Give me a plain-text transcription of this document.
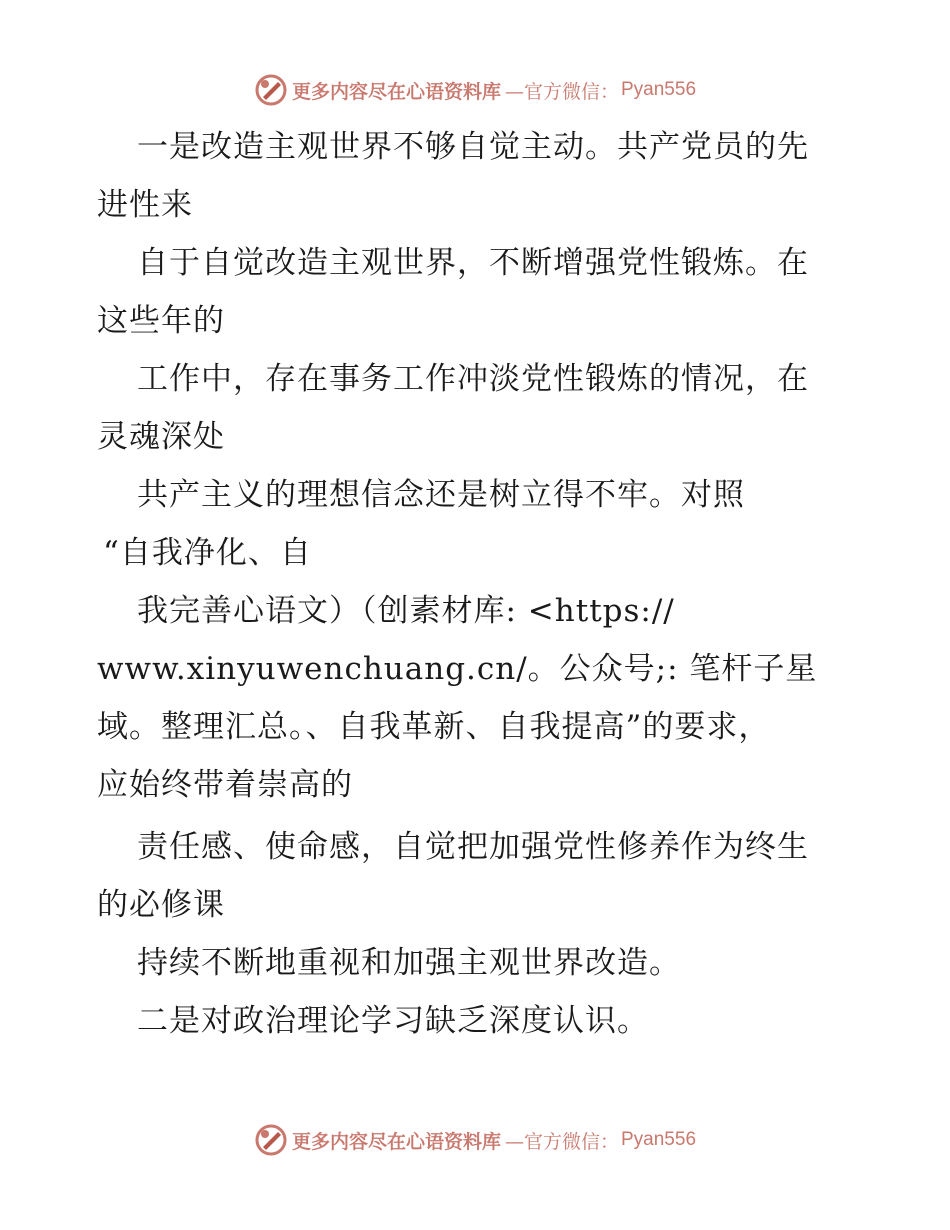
更多内容尽在心语资料库 —官方微信： Pyan556
一是改造主观世界不够自觉主动。共产党员的先
进性来
自于自觉改造主观世界，不断增强党性锻炼。在
这些年的
工作中，存在事务工作冲淡党性锻炼的情况，在
灵魂深处
共产主义的理想信念还是树立得不牢。对照
“自我净化、自
我完善心语文）（创素材库: <https://
www.xinyuwenchuang.cn/。公众号;: 笔杆子星
域。整理汇总。、自我革新、自我提高”的要求，
应始终带着崇高的
责任感、使命感，自觉把加强党性修养作为终生
的必修课
持续不断地重视和加强主观世界改造。
二是对政治理论学习缺乏深度认识。
更多内容尽在心语资料库 —官方微信： Pyan556
